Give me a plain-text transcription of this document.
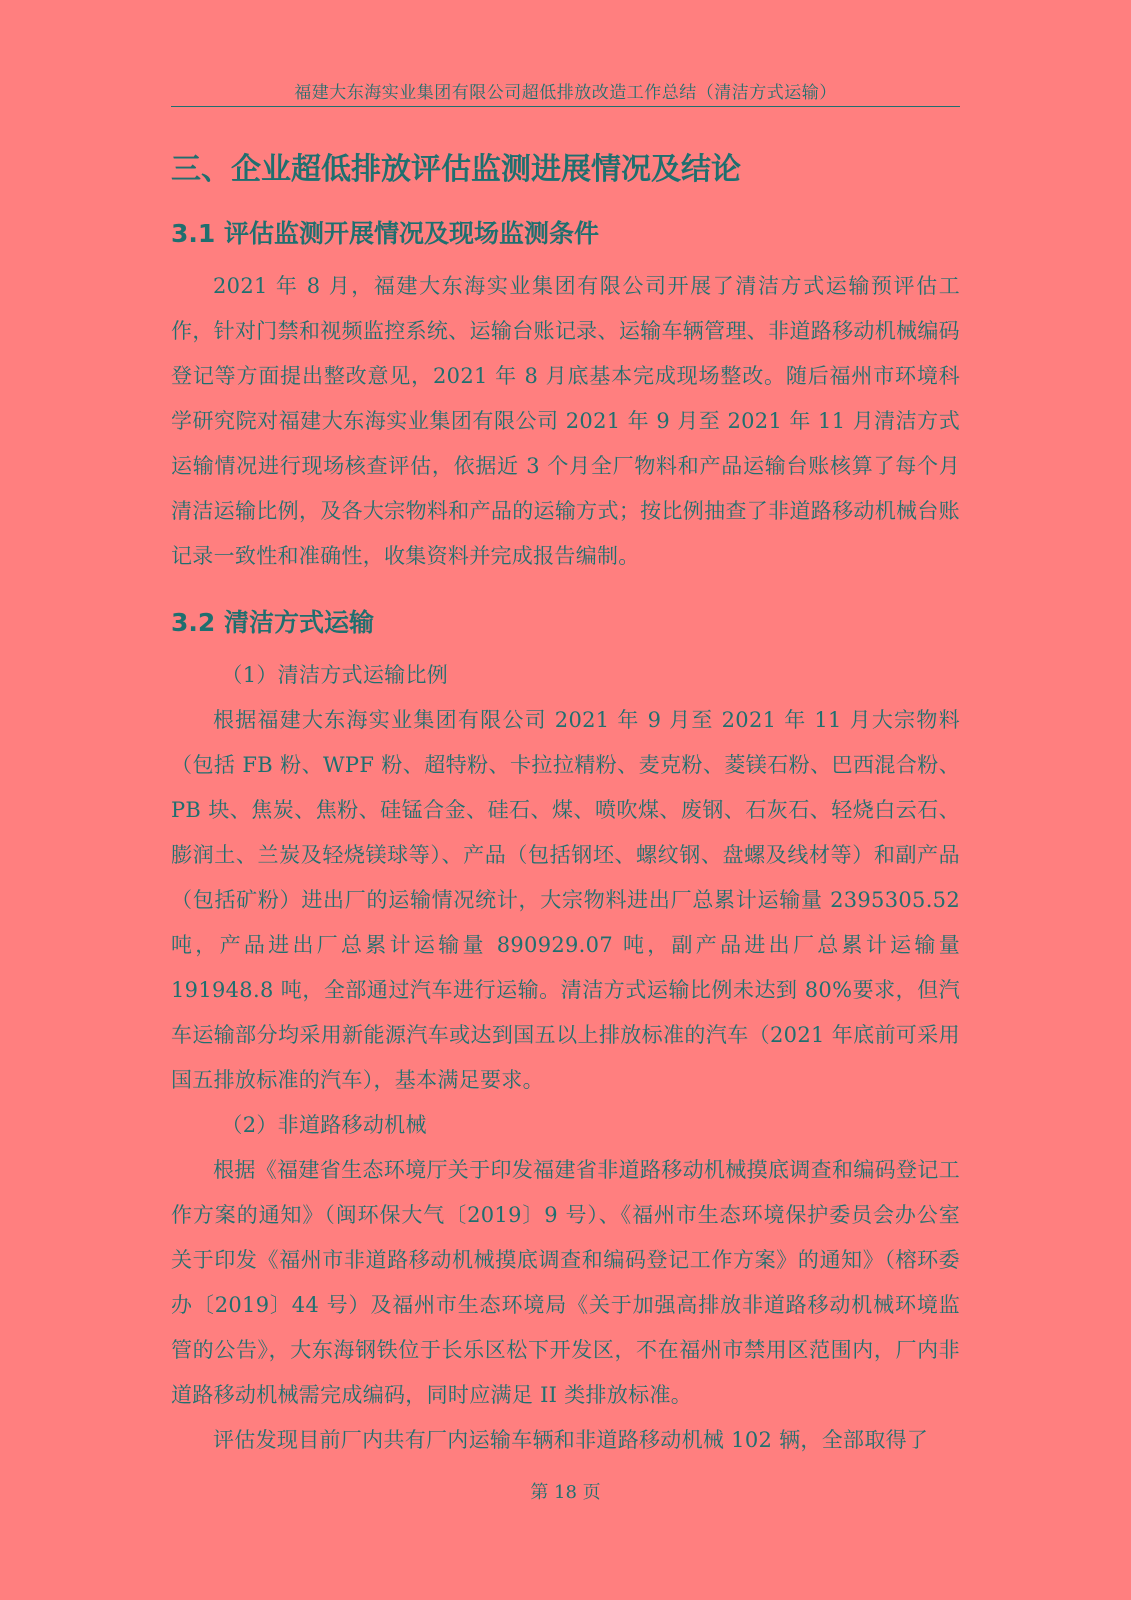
福建大东海实业集团有限公司超低排放改造工作总结（清洁方式运输）
三、企业超低排放评估监测进展情况及结论
3.1 评估监测开展情况及现场监测条件

2021 年 8 月，福建大东海实业集团有限公司开展了清洁方式运输预评估工作，针对门禁和视频监控系统、运输台账记录、运输车辆管理、非道路移动机械编码登记等方面提出整改意见，2021 年 8 月底基本完成现场整改。随后福州市环境科学研究院对福建大东海实业集团有限公司 2021 年 9 月至 2021 年 11 月清洁方式运输情况进行现场核查评估，依据近 3 个月全厂物料和产品运输台账核算了每个月清洁运输比例，及各大宗物料和产品的运输方式；按比例抽查了非道路移动机械台账记录一致性和准确性，收集资料并完成报告编制。

3.2 清洁方式运输

（1）清洁方式运输比例

根据福建大东海实业集团有限公司 2021 年 9 月至 2021 年 11 月大宗物料（包括 FB 粉、WPF 粉、超特粉、卡拉拉精粉、麦克粉、菱镁石粉、巴西混合粉、PB 块、焦炭、焦粉、硅锰合金、硅石、煤、喷吹煤、废钢、石灰石、轻烧白云石、膨润土、兰炭及轻烧镁球等）、产品（包括钢坯、螺纹钢、盘螺及线材等）和副产品（包括矿粉）进出厂的运输情况统计，大宗物料进出厂总累计运输量 2395305.52 吨，产品进出厂总累计运输量 890929.07 吨，副产品进出厂总累计运输量 191948.8 吨，全部通过汽车进行运输。清洁方式运输比例未达到 80%要求，但汽车运输部分均采用新能源汽车或达到国五以上排放标准的汽车（2021 年底前可采用国五排放标准的汽车），基本满足要求。

（2）非道路移动机械

根据《福建省生态环境厅关于印发福建省非道路移动机械摸底调查和编码登记工作方案的通知》（闽环保大气〔2019〕9 号）、《福州市生态环境保护委员会办公室关于印发《福州市非道路移动机械摸底调查和编码登记工作方案》的通知》（榕环委办〔2019〕44 号）及福州市生态环境局《关于加强高排放非道路移动机械环境监管的公告》，大东海钢铁位于长乐区松下开发区，不在福州市禁用区范围内，厂内非道路移动机械需完成编码，同时应满足 II 类排放标准。

评估发现目前厂内共有厂内运输车辆和非道路移动机械 102 辆，全部取得了

第 18 页
